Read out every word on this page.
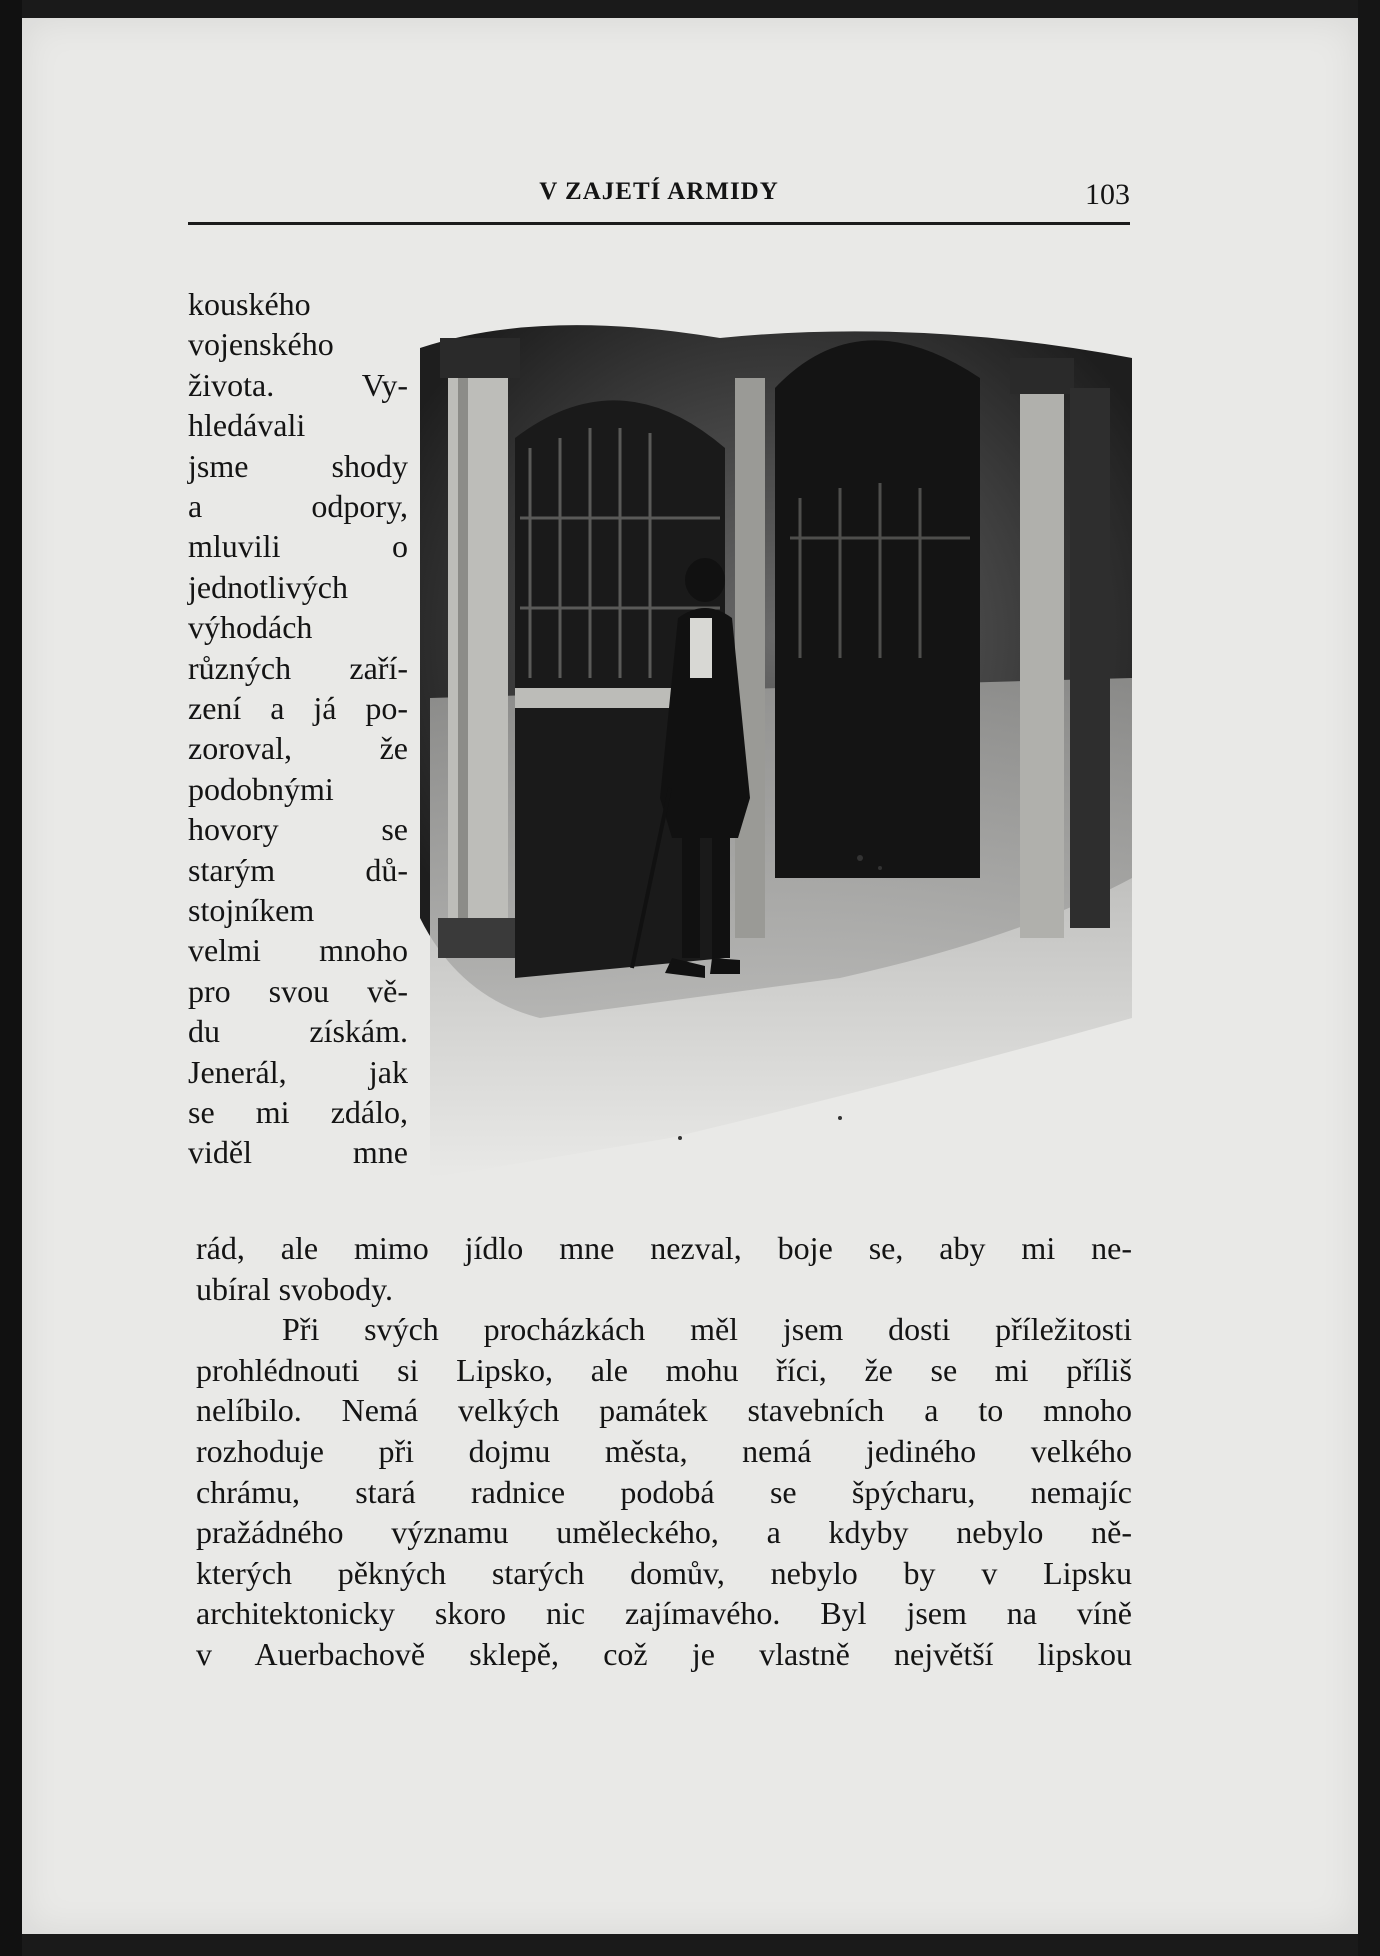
V ZAJETÍ ARMIDY	103
kouského
vojenského
života.	Vy-
hledávali
jsme	shody
a	odpory,
mluvili	o
jednotlivých
výhodách
různých zaří-
zení a já po-
zoroval,	že
podobnými
hovory	se
starým	dů-
stojníkem
velmi mnoho
pro svou vě-
du	získám.
Jenerál,	jak
se mi zdálo,
viděl	mne
rád, ale mimo jídlo mne nezval, boje se, aby mi ne-
ubíral svobody.
Při svých procházkách měl jsem dosti příležitosti
prohlédnouti si Lipsko, ale mohu říci, že se mi příliš
nelíbilo. Nemá velkých památek stavebních a to mnoho
rozhoduje při dojmu města, nemá jediného velkého
chrámu, stará radnice podobá se špýcharu, nemajíc
pražádného významu uměleckého, a kdyby nebylo ně-
kterých pěkných starých domův, nebylo by v Lipsku
architektonicky skoro nic zajímavého. Byl jsem na víně
v Auerbachově sklepě, což je vlastně největší lipskou
